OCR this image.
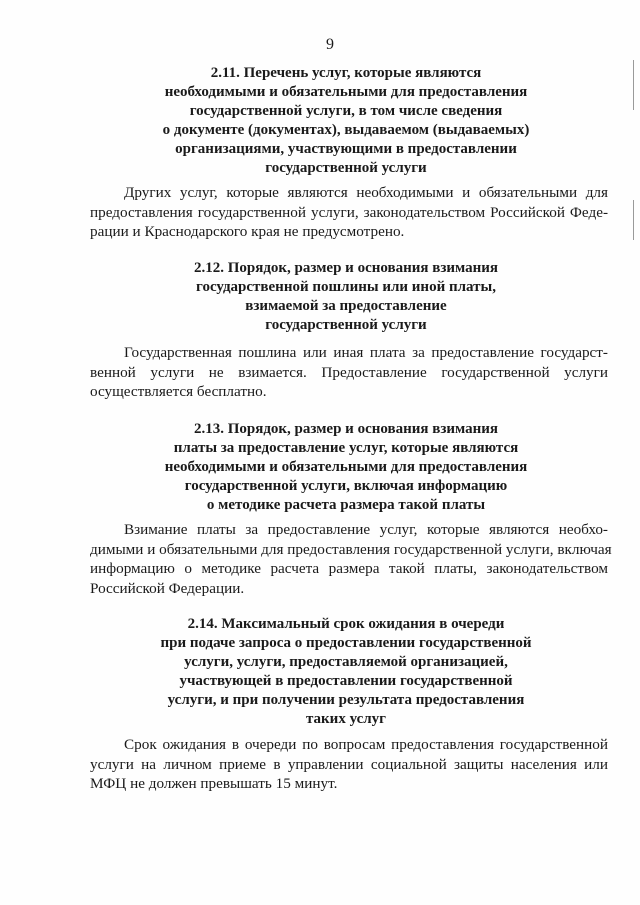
9
2.11. Перечень услуг, которые являются
необходимыми и обязательными для предоставления
государственной услуги, в том числе сведения
о документе (документах), выдаваемом (выдаваемых)
организациями, участвующими в предоставлении
государственной услуги
Других услуг, которые являются необходимыми и обязательными для
предоставления государственной услуги, законодательством Российской Феде-
рации и Краснодарского края не предусмотрено.
2.12. Порядок, размер и основания взимания
государственной пошлины или иной платы,
взимаемой за предоставление
государственной услуги
Государственная пошлина или иная плата за предоставление государст-
венной услуги не взимается. Предоставление государственной услуги
осуществляется бесплатно.
2.13. Порядок, размер и основания взимания
платы за предоставление услуг, которые являются
необходимыми и обязательными для предоставления
государственной услуги, включая информацию
о методике расчета размера такой платы
Взимание платы за предоставление услуг, которые являются необхо-
димыми и обязательными для предоставления государственной услуги, включая
информацию о методике расчета размера такой платы, законодательством
Российской Федерации.
2.14. Максимальный срок ожидания в очереди
при подаче запроса о предоставлении государственной
услуги, услуги, предоставляемой организацией,
участвующей в предоставлении государственной
услуги, и при получении результата предоставления
таких услуг
Срок ожидания в очереди по вопросам предоставления государственной
услуги на личном приеме в управлении социальной защиты населения или
МФЦ не должен превышать 15 минут.
